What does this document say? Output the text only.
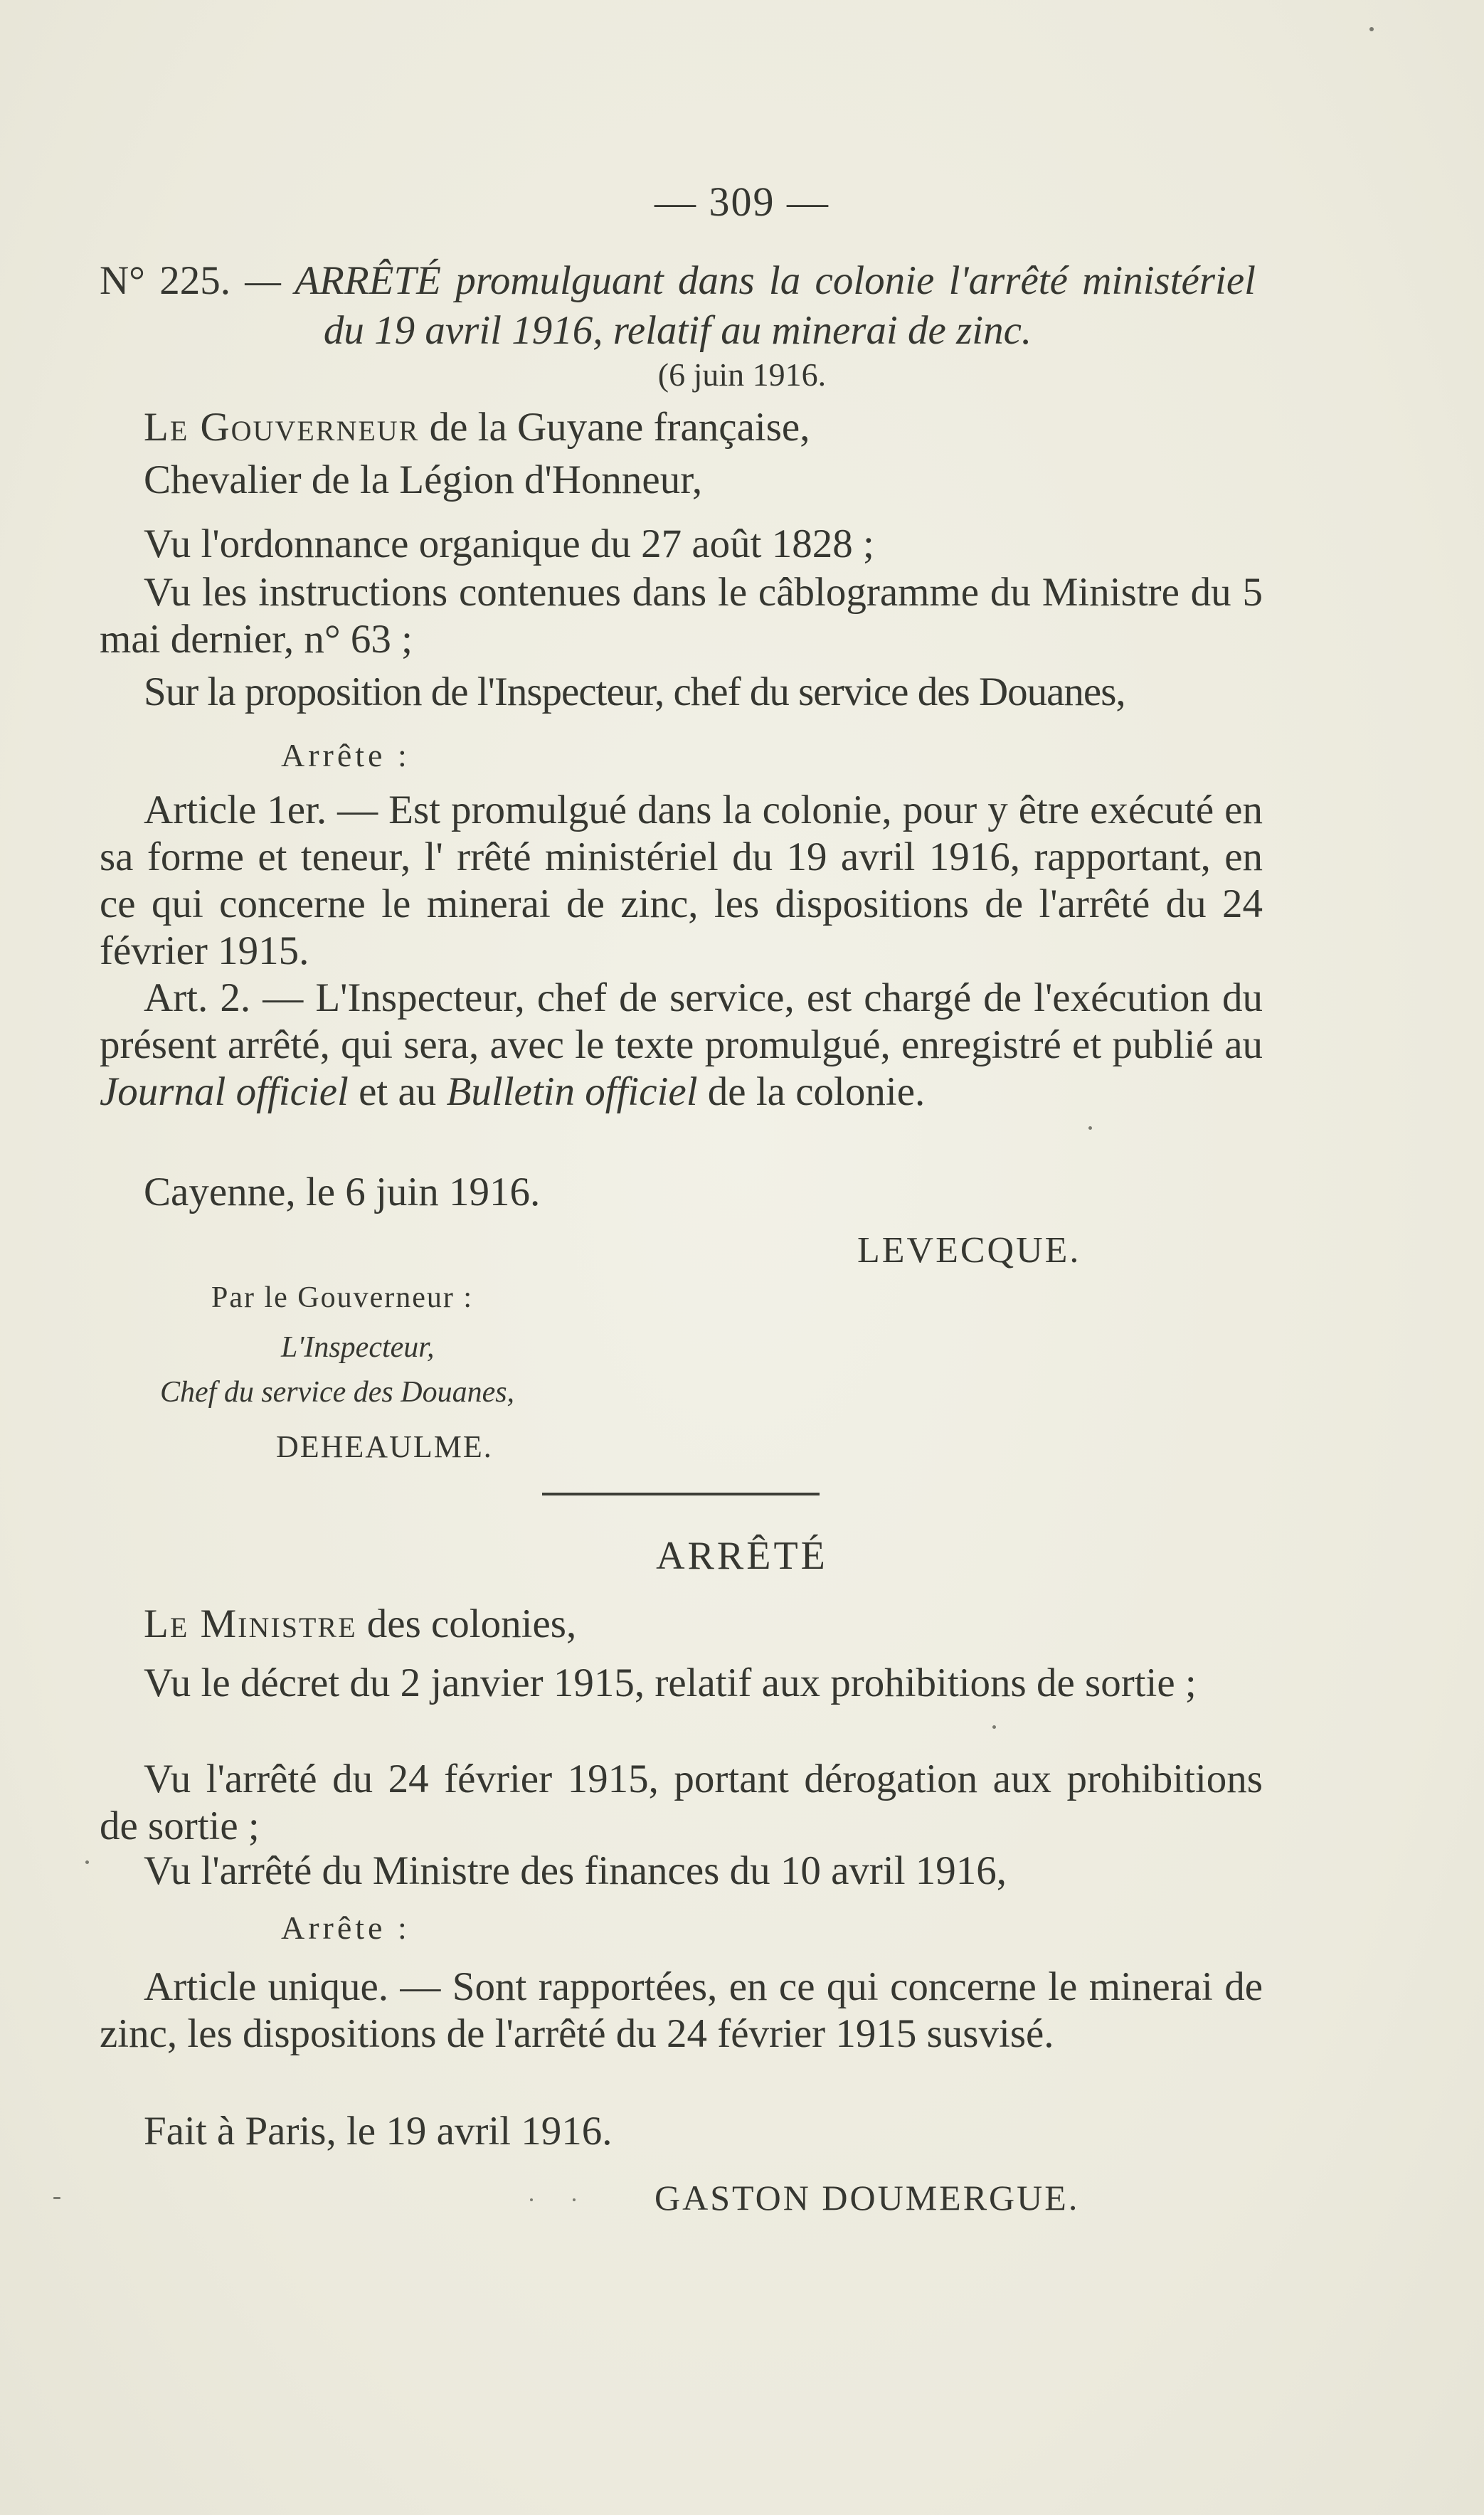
— 309 —
N° 225. — ARRÊTÉ promulguant dans la colonie l'arrêté ministériel du 19 avril 1916, relatif au minerai de zinc.
(6 juin 1916.
Le Gouverneur de la Guyane française,
Chevalier de la Légion d'Honneur,
Vu l'ordonnance organique du 27 août 1828 ;
Vu les instructions contenues dans le câblogramme du Ministre du 5 mai dernier, n° 63 ;
Sur la proposition de l'Inspecteur, chef du service des Douanes,
Arrête :
Article 1er. — Est promulgué dans la colonie, pour y être exécuté en sa forme et teneur, l' rrêté ministériel du 19 avril 1916, rapportant, en ce qui concerne le minerai de zinc, les dispositions de l'arrêté du 24 février 1915.
Art. 2. — L'Inspecteur, chef de service, est chargé de l'exécution du présent arrêté, qui sera, avec le texte promulgué, enregistré et publié au Journal officiel et au Bulletin officiel de la colonie.
Cayenne, le 6 juin 1916.
LEVECQUE.
Par le Gouverneur :
L'Inspecteur,
Chef du service des Douanes,
DEHEAULME.
ARRÊTÉ
Le Ministre des colonies,
Vu le décret du 2 janvier 1915, relatif aux prohibitions de sortie ;
Vu l'arrêté du 24 février 1915, portant dérogation aux prohibitions de sortie ;
Vu l'arrêté du Ministre des finances du 10 avril 1916,
Arrête :
Article unique. — Sont rapportées, en ce qui concerne le minerai de zinc, les dispositions de l'arrêté du 24 février 1915 susvisé.
Fait à Paris, le 19 avril 1916.
GASTON DOUMERGUE.
